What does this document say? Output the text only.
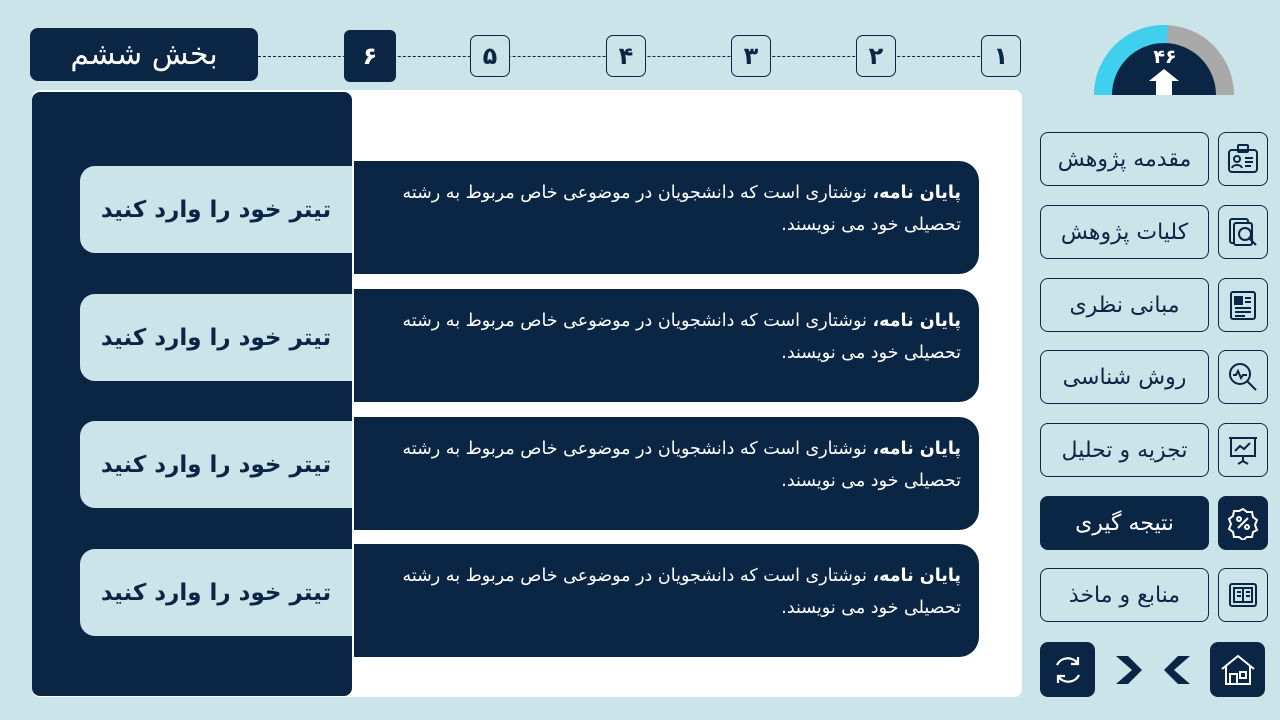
۴۶
بخش ششم	۱
۲
۳
۴
۵
۶
تیتر خود را وارد کنید
پایان نامه، نوشتاری است که دانشجویان در موضوعی خاص مربوط به رشته تحصیلی خود می نویسند.
تیتر خود را وارد کنید
پایان نامه، نوشتاری است که دانشجویان در موضوعی خاص مربوط به رشته تحصیلی خود می نویسند.
تیتر خود را وارد کنید
پایان نامه، نوشتاری است که دانشجویان در موضوعی خاص مربوط به رشته تحصیلی خود می نویسند.
تیتر خود را وارد کنید
پایان نامه، نوشتاری است که دانشجویان در موضوعی خاص مربوط به رشته تحصیلی خود می نویسند.
مقدمه پژوهش
کلیات پژوهش
مبانی نظری
روش شناسی
تجزیه و تحلیل
نتیجه گیری
منابع و ماخذ
